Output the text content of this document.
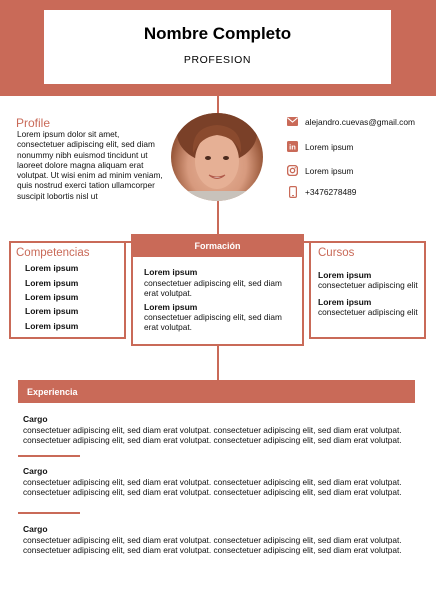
Nombre Completo
PROFESION
Profile
Lorem ipsum dolor sit amet, consectetuer adipiscing elit, sed diam nonummy nibh euismod tincidunt ut laoreet dolore magna aliquam erat volutpat. Ut wisi enim ad minim veniam, quis nostrud exerci tation ullamcorper suscipit lobortis nisl ut
alejandro.cuevas@gmail.com
in Lorem ipsum
Lorem ipsum
+3476278489
Competencias
Lorem ipsum
Lorem ipsum
Lorem ipsum
Lorem ipsum
Lorem ipsum
Formación
Lorem ipsum
consectetuer adipiscing elit, sed diam erat volutpat.
Lorem ipsum
consectetuer adipiscing elit, sed diam erat volutpat.
Cursos
Lorem ipsum
consectetuer adipiscing elit
Lorem ipsum
consectetuer adipiscing elit
Experiencia
Cargo
consectetuer adipiscing elit, sed diam erat volutpat. consectetuer adipiscing elit, sed diam erat volutpat. consectetuer adipiscing elit, sed diam erat volutpat. consectetuer adipiscing elit, sed diam erat volutpat.
Cargo
consectetuer adipiscing elit, sed diam erat volutpat. consectetuer adipiscing elit, sed diam erat volutpat. consectetuer adipiscing elit, sed diam erat volutpat. consectetuer adipiscing elit, sed diam erat volutpat.
Cargo
consectetuer adipiscing elit, sed diam erat volutpat. consectetuer adipiscing elit, sed diam erat volutpat. consectetuer adipiscing elit, sed diam erat volutpat. consectetuer adipiscing elit, sed diam erat volutpat.
